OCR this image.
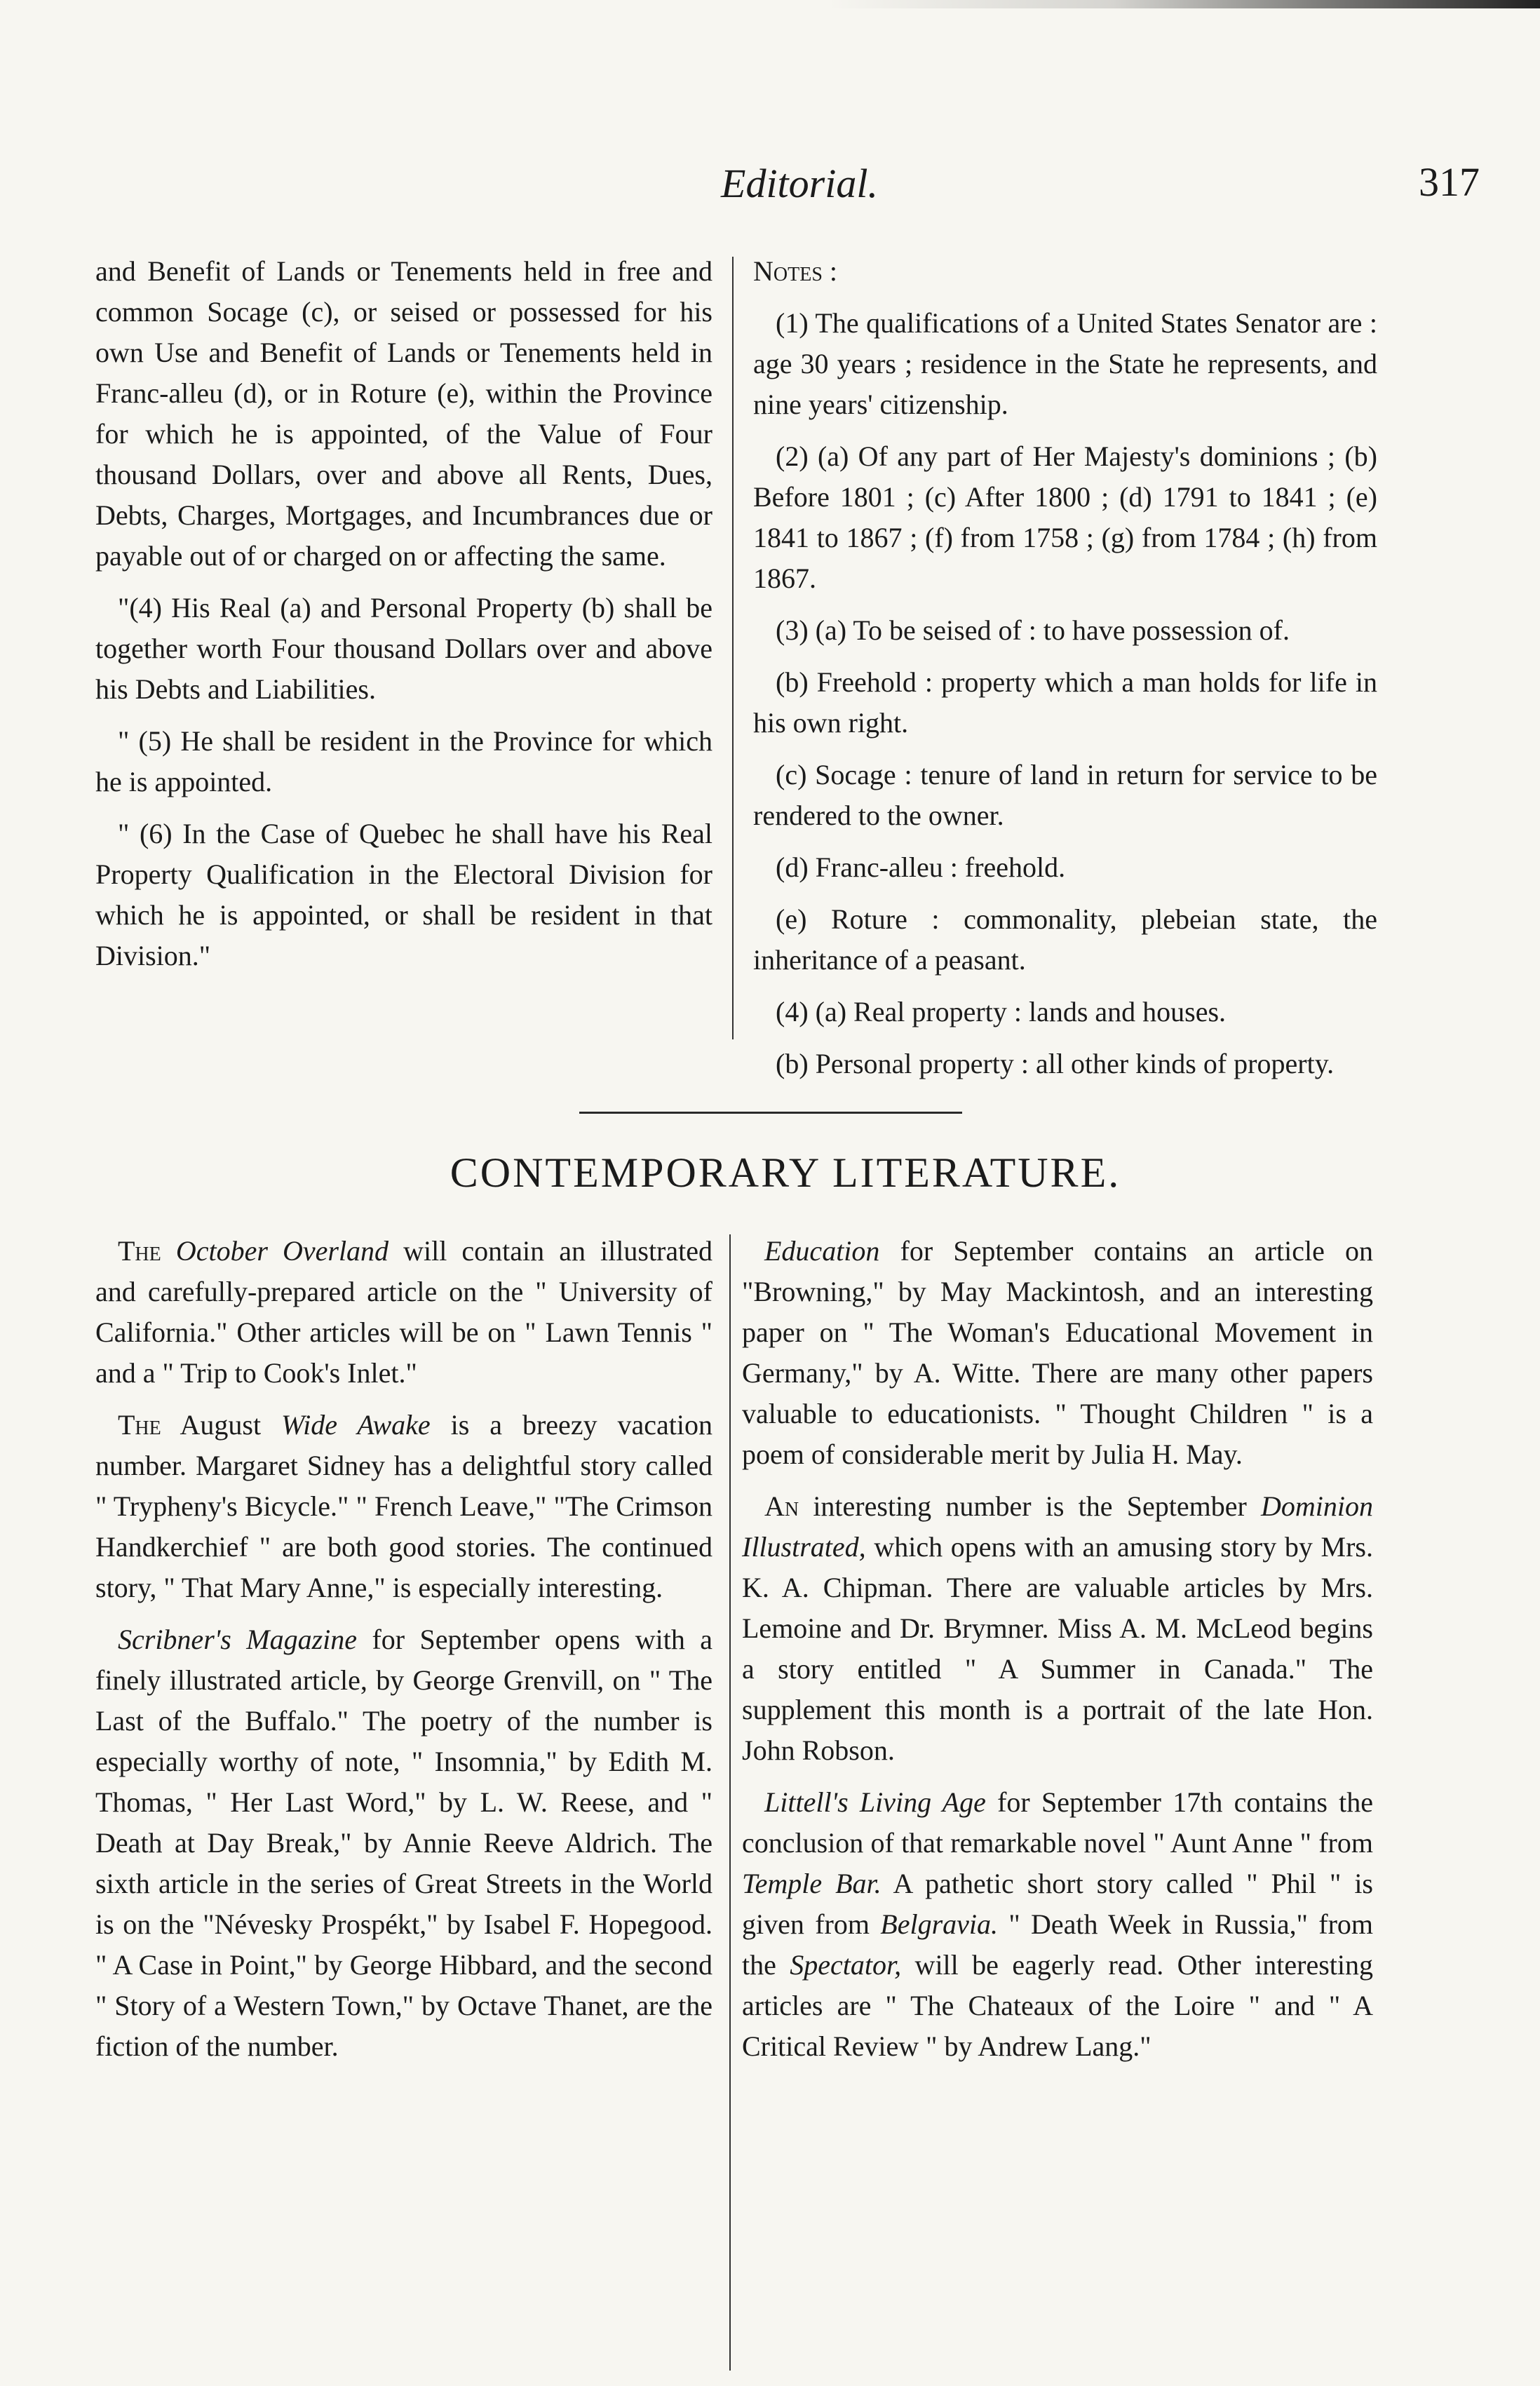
Editorial.	317

and Benefit of Lands or Tenements held in free and common Socage (c), or seised or possessed for his own Use and Benefit of Lands or Tenements held in Franc-alleu (d), or in Roture (e), within the Province for which he is appointed, of the Value of Four thousand Dollars, over and above all Rents, Dues, Debts, Charges, Mortgages, and Incumbrances due or payable out of or charged on or affecting the same.

"(4) His Real (a) and Personal Property (b) shall be together worth Four thousand Dollars over and above his Debts and Liabilities.

" (5) He shall be resident in the Province for which he is appointed.

" (6) In the Case of Quebec he shall have his Real Property Qualification in the Electoral Division for which he is appointed, or shall be resident in that Division."

Notes :

(1) The qualifications of a United States Senator are : age 30 years ; residence in the State he represents, and nine years' citizenship.

(2) (a) Of any part of Her Majesty's dominions ; (b) Before 1801 ; (c) After 1800 ; (d) 1791 to 1841 ; (e) 1841 to 1867 ; (f) from 1758 ; (g) from 1784 ; (h) from 1867.

(3) (a) To be seised of : to have possession of.

(b) Freehold : property which a man holds for life in his own right.

(c) Socage : tenure of land in return for service to be rendered to the owner.

(d) Franc-alleu : freehold.

(e) Roture : commonality, plebeian state, the inheritance of a peasant.

(4) (a) Real property : lands and houses.

(b) Personal property : all other kinds of property.

CONTEMPORARY LITERATURE.

The October Overland will contain an illustrated and carefully-prepared article on the " University of California." Other articles will be on " Lawn Tennis " and a " Trip to Cook's Inlet."

The August Wide Awake is a breezy vacation number. Margaret Sidney has a delightful story called " Trypheny's Bicycle." " French Leave," "The Crimson Handkerchief " are both good stories. The continued story, " That Mary Anne," is especially interesting.

Scribner's Magazine for September opens with a finely illustrated article, by George Grenvill, on " The Last of the Buffalo." The poetry of the number is especially worthy of note, " Insomnia," by Edith M. Thomas, " Her Last Word," by L. W. Reese, and " Death at Day Break," by Annie Reeve Aldrich. The sixth article in the series of Great Streets in the World is on the "Névesky Prospékt," by Isabel F. Hopegood. " A Case in Point," by George Hibbard, and the second " Story of a Western Town," by Octave Thanet, are the fiction of the number.

Education for September contains an article on "Browning," by May Mackintosh, and an interesting paper on " The Woman's Educational Movement in Germany," by A. Witte. There are many other papers valuable to educationists. " Thought Children " is a poem of considerable merit by Julia H. May.

An interesting number is the September Dominion Illustrated, which opens with an amusing story by Mrs. K. A. Chipman. There are valuable articles by Mrs. Lemoine and Dr. Brymner. Miss A. M. McLeod begins a story entitled " A Summer in Canada." The supplement this month is a portrait of the late Hon. John Robson.

Littell's Living Age for September 17th contains the conclusion of that remarkable novel " Aunt Anne " from Temple Bar. A pathetic short story called " Phil " is given from Belgravia. " Death Week in Russia," from the Spectator, will be eagerly read. Other interesting articles are " The Chateaux of the Loire " and " A Critical Review " by Andrew Lang."
